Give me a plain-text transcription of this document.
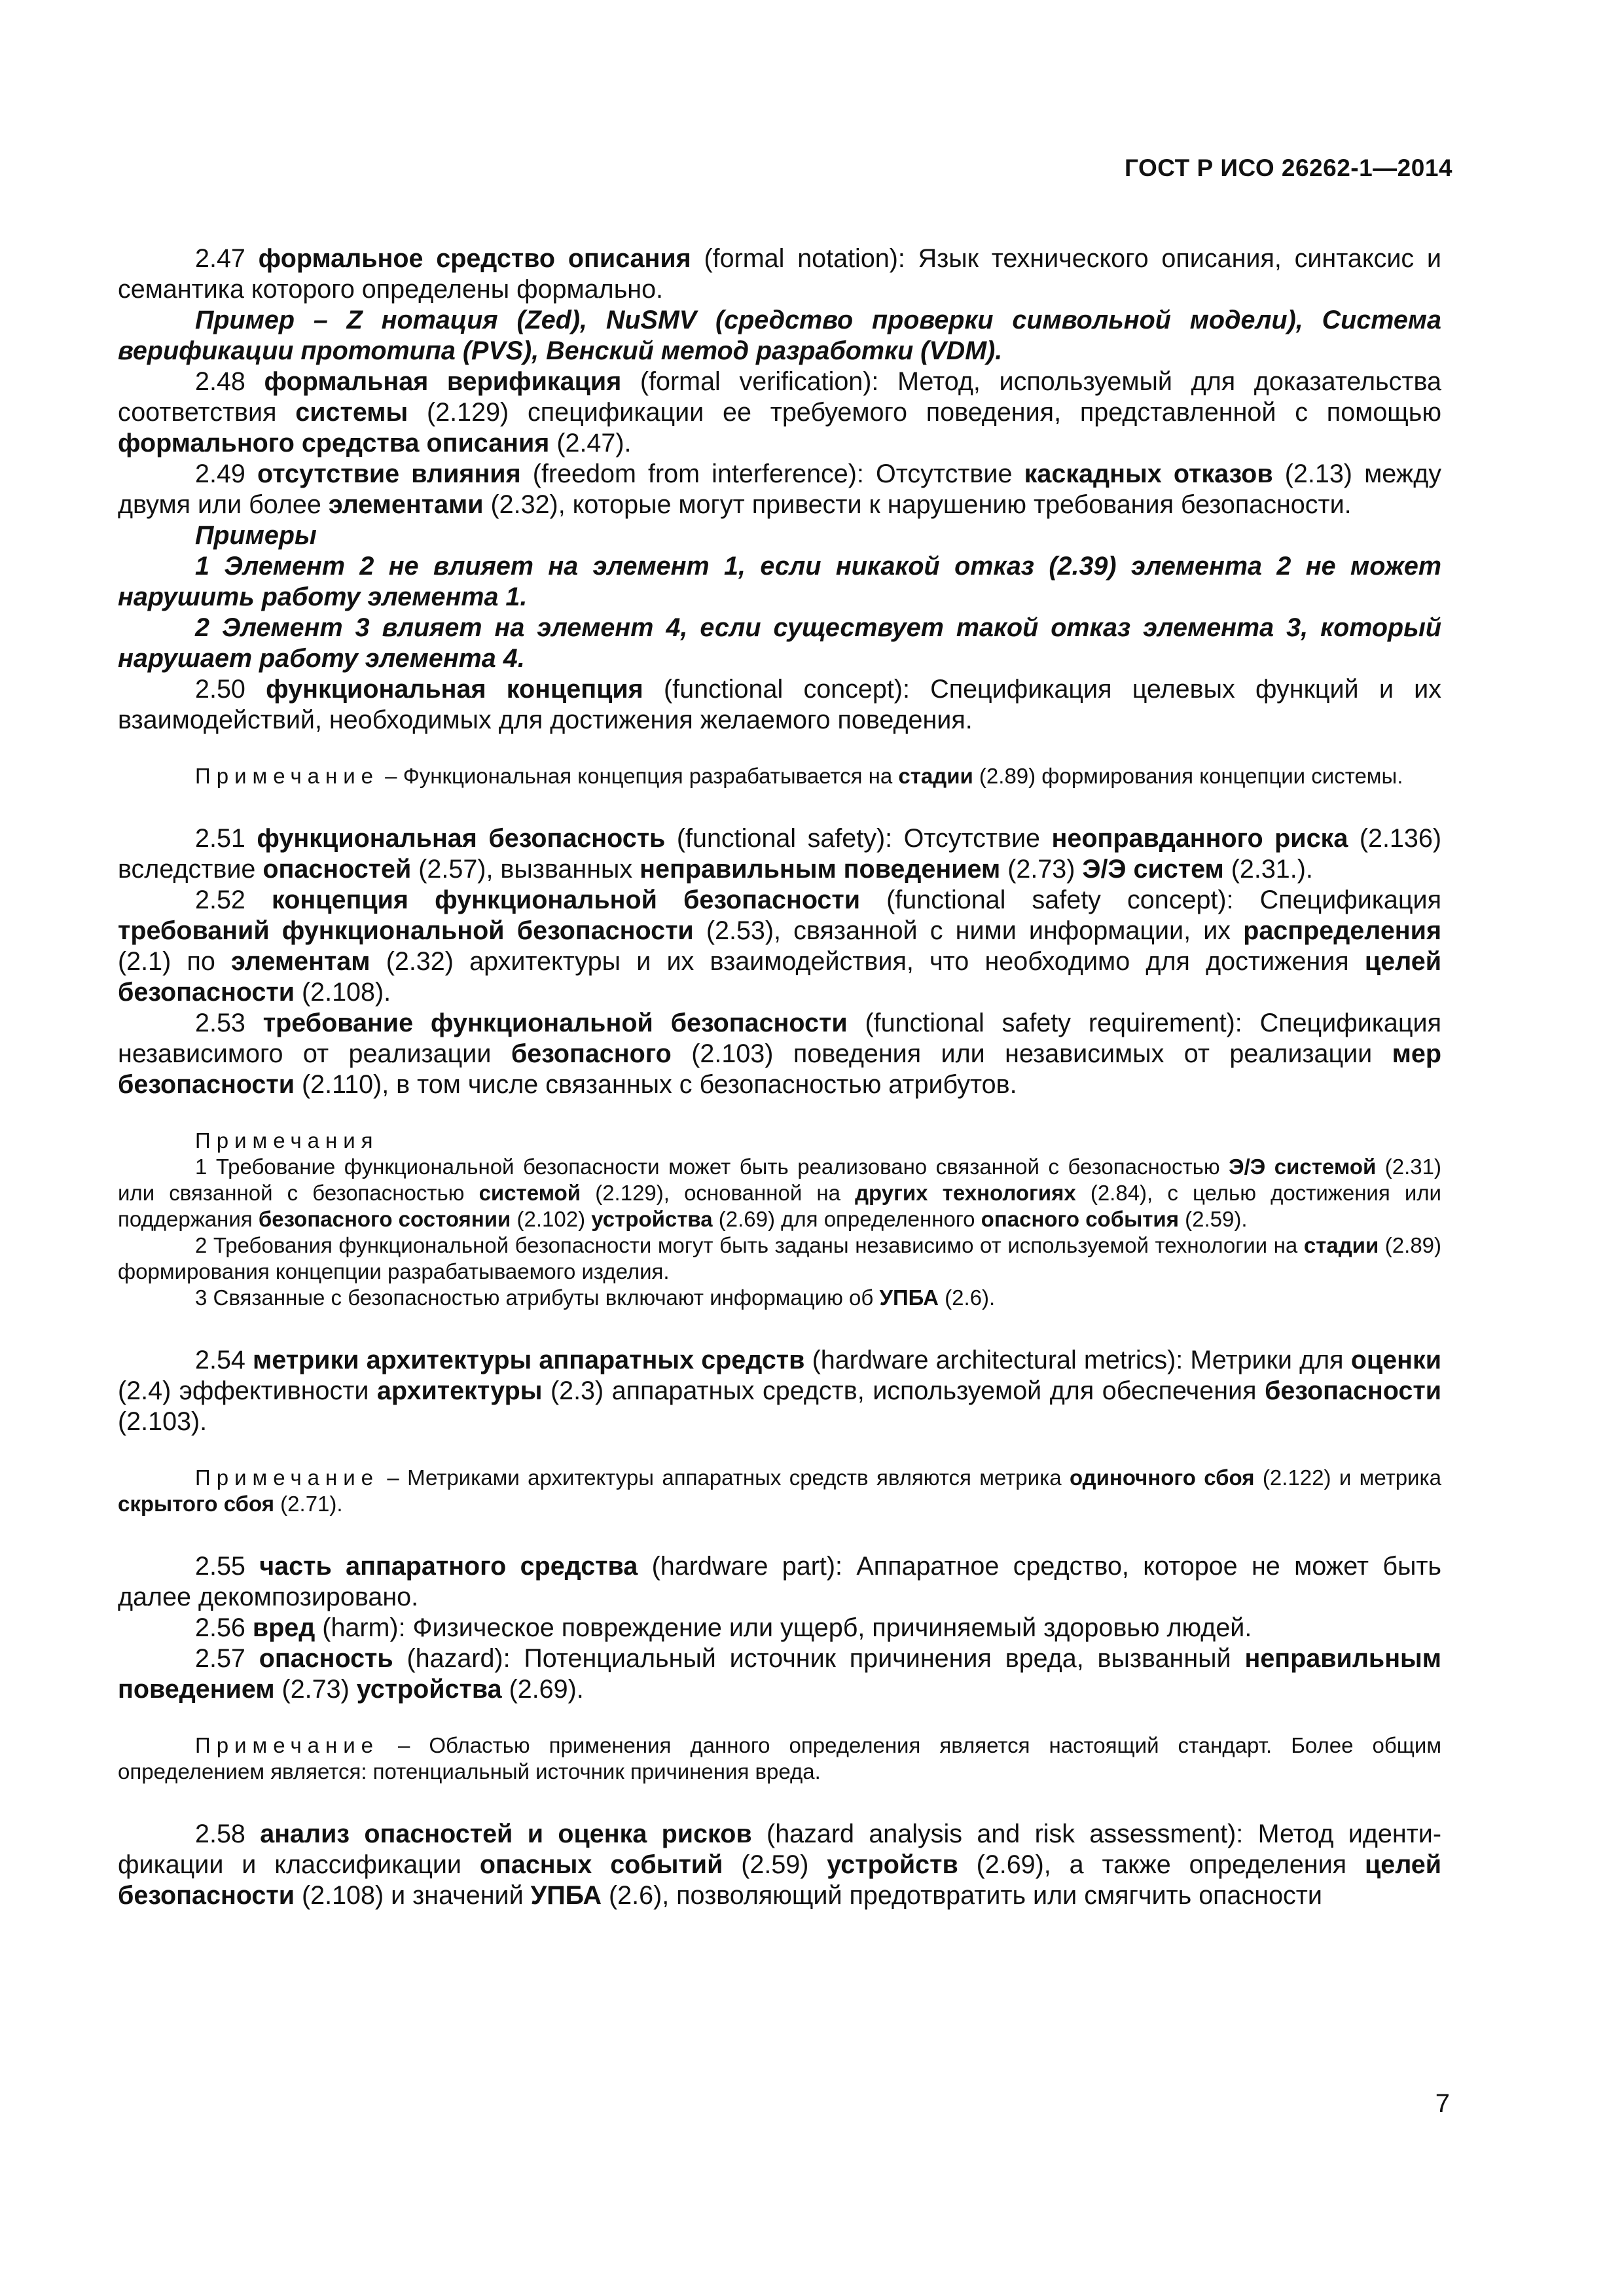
ГОСТ Р ИСО 26262-1—2014

2.47 формальное средство описания (formal notation): Язык технического описания, синтаксис и семантика которого определены формально.

Пример – Z нотация (Zed), NuSMV (средство проверки символьной модели), Система верификации прототипа (PVS), Венский метод разработки (VDM).

2.48 формальная верификация (formal verification): Метод, используемый для доказательства соответствия системы (2.129) спецификации ее требуемого поведения, представленной с помощью формального средства описания (2.47).

2.49 отсутствие влияния (freedom from interference): Отсутствие каскадных отказов (2.13) между двумя или более элементами (2.32), которые могут привести к нарушению требования безопасности.

Примеры

1 Элемент 2 не влияет на элемент 1, если никакой отказ (2.39) элемента 2 не может нарушить работу элемента 1.

2 Элемент 3 влияет на элемент 4, если существует такой отказ элемента 3, который нарушает работу элемента 4.

2.50 функциональная концепция (functional concept): Спецификация целевых функций и их взаимодействий, необходимых для достижения желаемого поведения.

Примечание – Функциональная концепция разрабатывается на стадии (2.89) формирования концепции системы.

2.51 функциональная безопасность (functional safety): Отсутствие неоправданного риска (2.136) вследствие опасностей (2.57), вызванных неправильным поведением (2.73) Э/Э систем (2.31.).

2.52 концепция функциональной безопасности (functional safety concept): Спецификация требований функциональной безопасности (2.53), связанной с ними информации, их распределения (2.1) по элементам (2.32) архитектуры и их взаимодействия, что необходимо для достижения целей безопасности (2.108).

2.53 требование функциональной безопасности (functional safety requirement): Спецификация независимого от реализации безопасного (2.103) поведения или независимых от реализации мер безопасности (2.110), в том числе связанных с безопасностью атрибутов.

Примечания

1 Требование функциональной безопасности может быть реализовано связанной с безопасностью Э/Э системой (2.31) или связанной с безопасностью системой (2.129), основанной на других технологиях (2.84), с целью достижения или поддержания безопасного состоянии (2.102) устройства (2.69) для определенного опасного события (2.59).

2 Требования функциональной безопасности могут быть заданы независимо от используемой технологии на стадии (2.89) формирования концепции разрабатываемого изделия.

3 Связанные с безопасностью атрибуты включают информацию об УПБА (2.6).

2.54 метрики архитектуры аппаратных средств (hardware architectural metrics): Метрики для оценки (2.4) эффективности архитектуры (2.3) аппаратных средств, используемой для обеспечения безопасности (2.103).

Примечание – Метриками архитектуры аппаратных средств являются метрика одиночного сбоя (2.122) и метрика скрытого сбоя (2.71).

2.55 часть аппаратного средства (hardware part): Аппаратное средство, которое не может быть далее декомпозировано.

2.56 вред (harm): Физическое повреждение или ущерб, причиняемый здоровью людей.

2.57 опасность (hazard): Потенциальный источник причинения вреда, вызванный неправильным поведением (2.73) устройства (2.69).

Примечание – Областью применения данного определения является настоящий стандарт. Более общим определением является: потенциальный источник причинения вреда.

2.58 анализ опасностей и оценка рисков (hazard analysis and risk assessment): Метод идентификации и классификации опасных событий (2.59) устройств (2.69), а также определения целей безопасности (2.108) и значений УПБА (2.6), позволяющий предотвратить или смягчить опасности

7
